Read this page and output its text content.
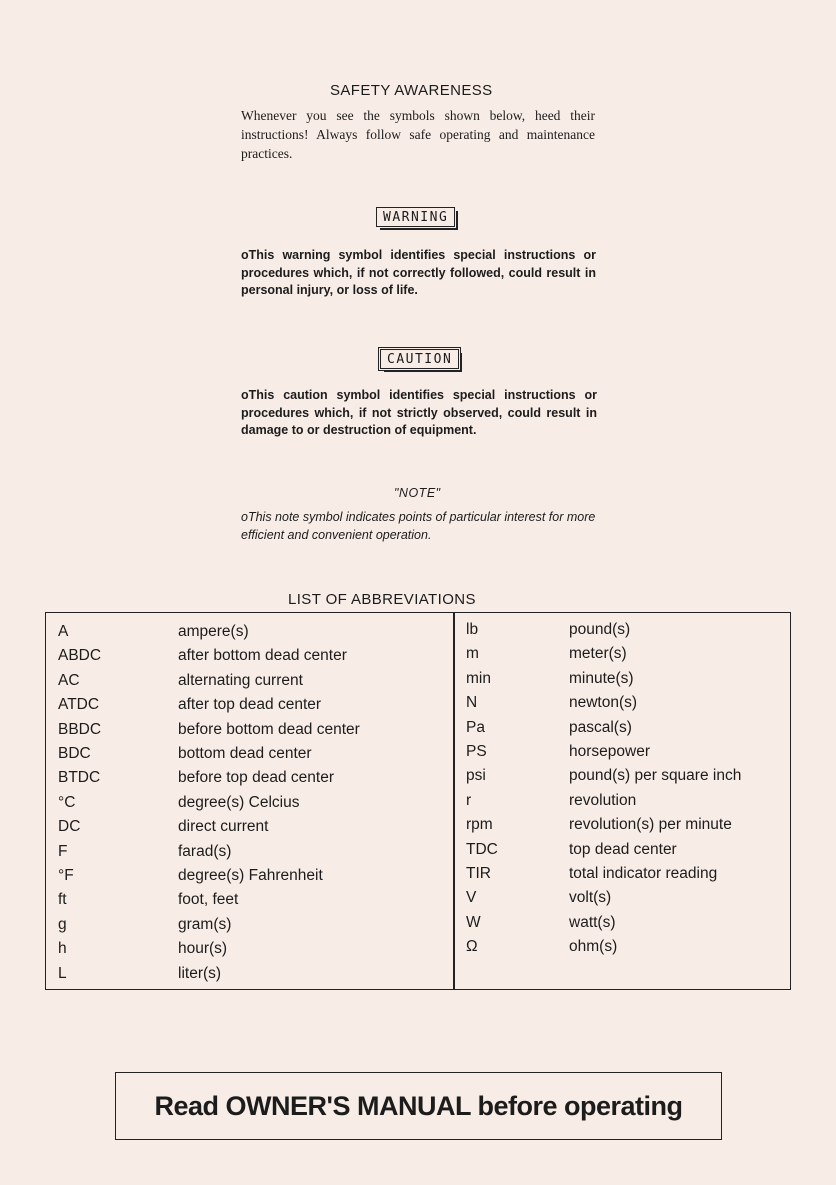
SAFETY AWARENESS
Whenever you see the symbols shown below, heed their instructions! Always follow safe operating and maintenance practices.
WARNING
oThis warning symbol identifies special instructions or procedures which, if not correctly followed, could result in personal injury, or loss of life.
CAUTION
oThis caution symbol identifies special instructions or procedures which, if not strictly observed, could result in damage to or destruction of equipment.
"NOTE"
oThis note symbol indicates points of particular interest for more efficient and convenient operation.
LIST OF ABBREVIATIONS
A	ampere(s)
ABDC	after bottom dead center
AC	alternating current
ATDC	after top dead center
BBDC	before bottom dead center
BDC	bottom dead center
BTDC	before top dead center
°C	degree(s) Celcius
DC	direct current
F	farad(s)
°F	degree(s) Fahrenheit
ft	foot, feet
g	gram(s)
h	hour(s)
L	liter(s)
lb	pound(s)
m	meter(s)
min	minute(s)
N	newton(s)
Pa	pascal(s)
PS	horsepower
psi	pound(s) per square inch
r	revolution
rpm	revolution(s) per minute
TDC	top dead center
TIR	total indicator reading
V	volt(s)
W	watt(s)
Ω	ohm(s)
Read OWNER'S MANUAL before operating
